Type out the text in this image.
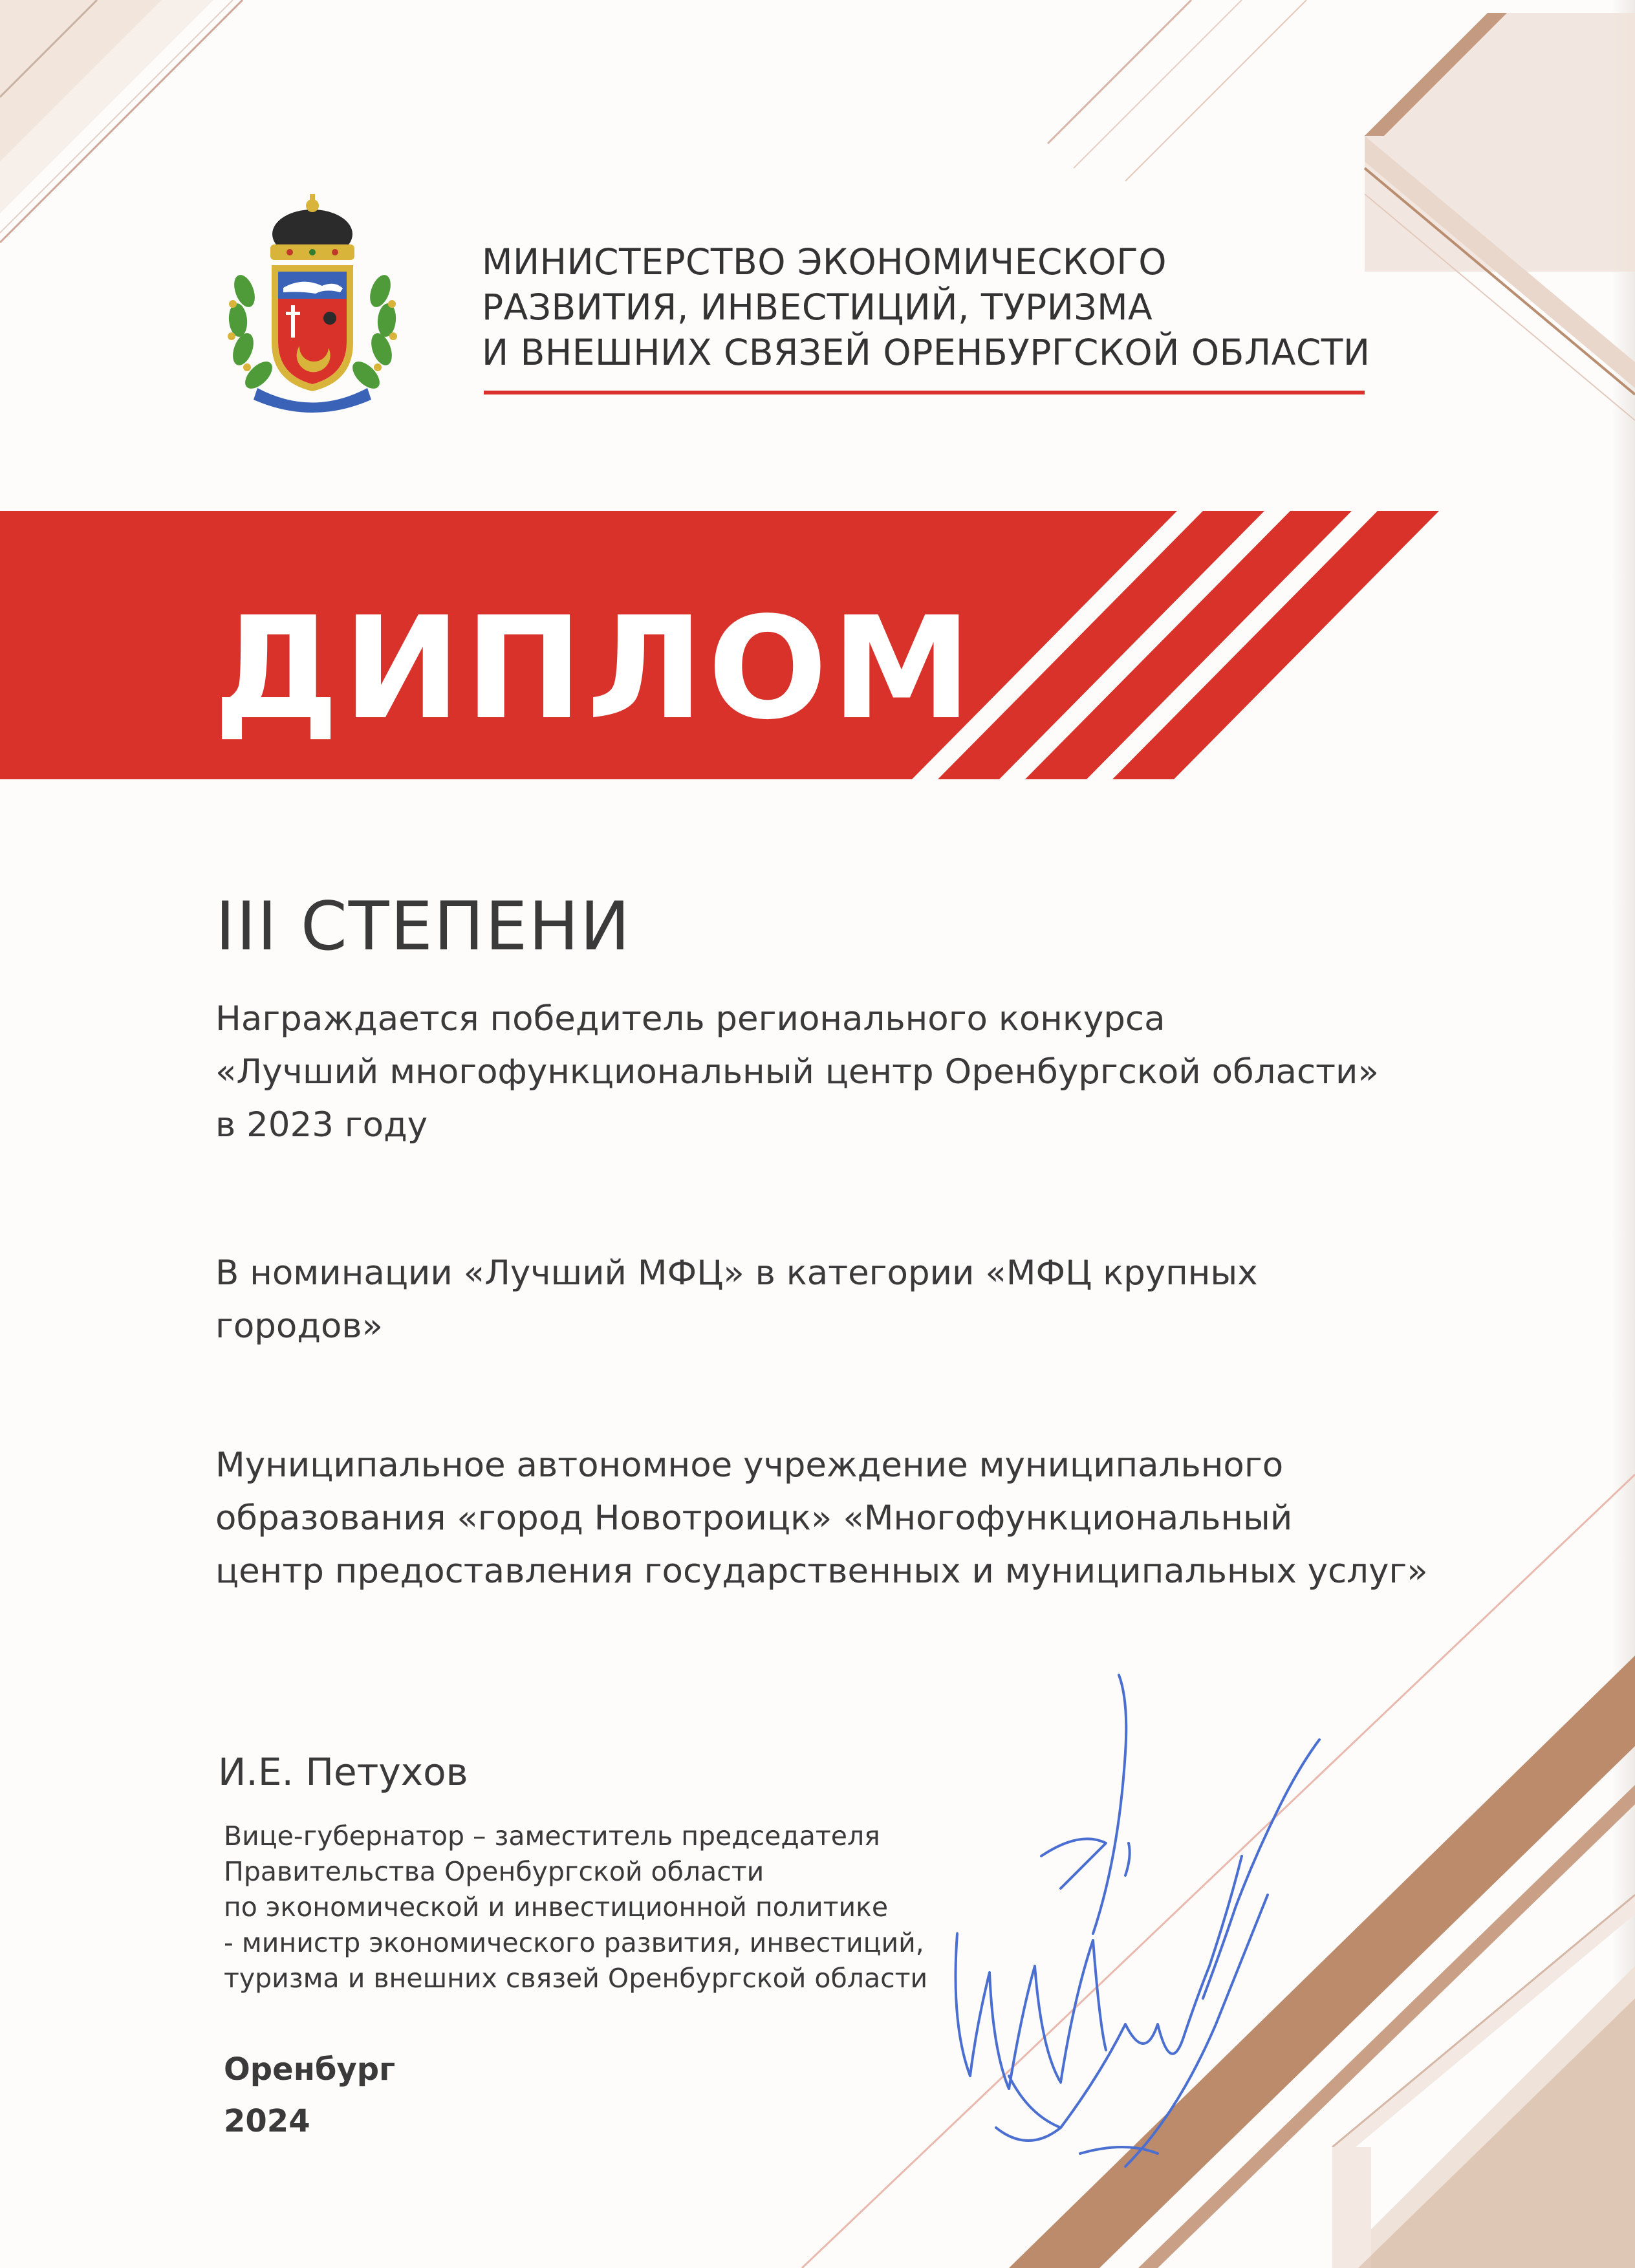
МИНИСТЕРСТВО ЭКОНОМИЧЕСКОГО
РАЗВИТИЯ, ИНВЕСТИЦИЙ, ТУРИЗМА
И ВНЕШНИХ СВЯЗЕЙ ОРЕНБУРГСКОЙ ОБЛАСТИ
ДИПЛОМ
III СТЕПЕНИ
Награждается победитель регионального конкурса
«Лучший многофункциональный центр Оренбургской области»
в 2023 году
В номинации «Лучший МФЦ» в категории «МФЦ крупных
городов»
Муниципальное автономное учреждение муниципального
образования «город Новотроицк» «Многофункциональный
центр предоставления государственных и муниципальных услуг»
И.Е. Петухов
Вице-губернатор – заместитель председателя
Правительства Оренбургской области
по экономической и инвестиционной политике
- министр экономического развития, инвестиций,
туризма и внешних связей Оренбургской области
Оренбург
2024
